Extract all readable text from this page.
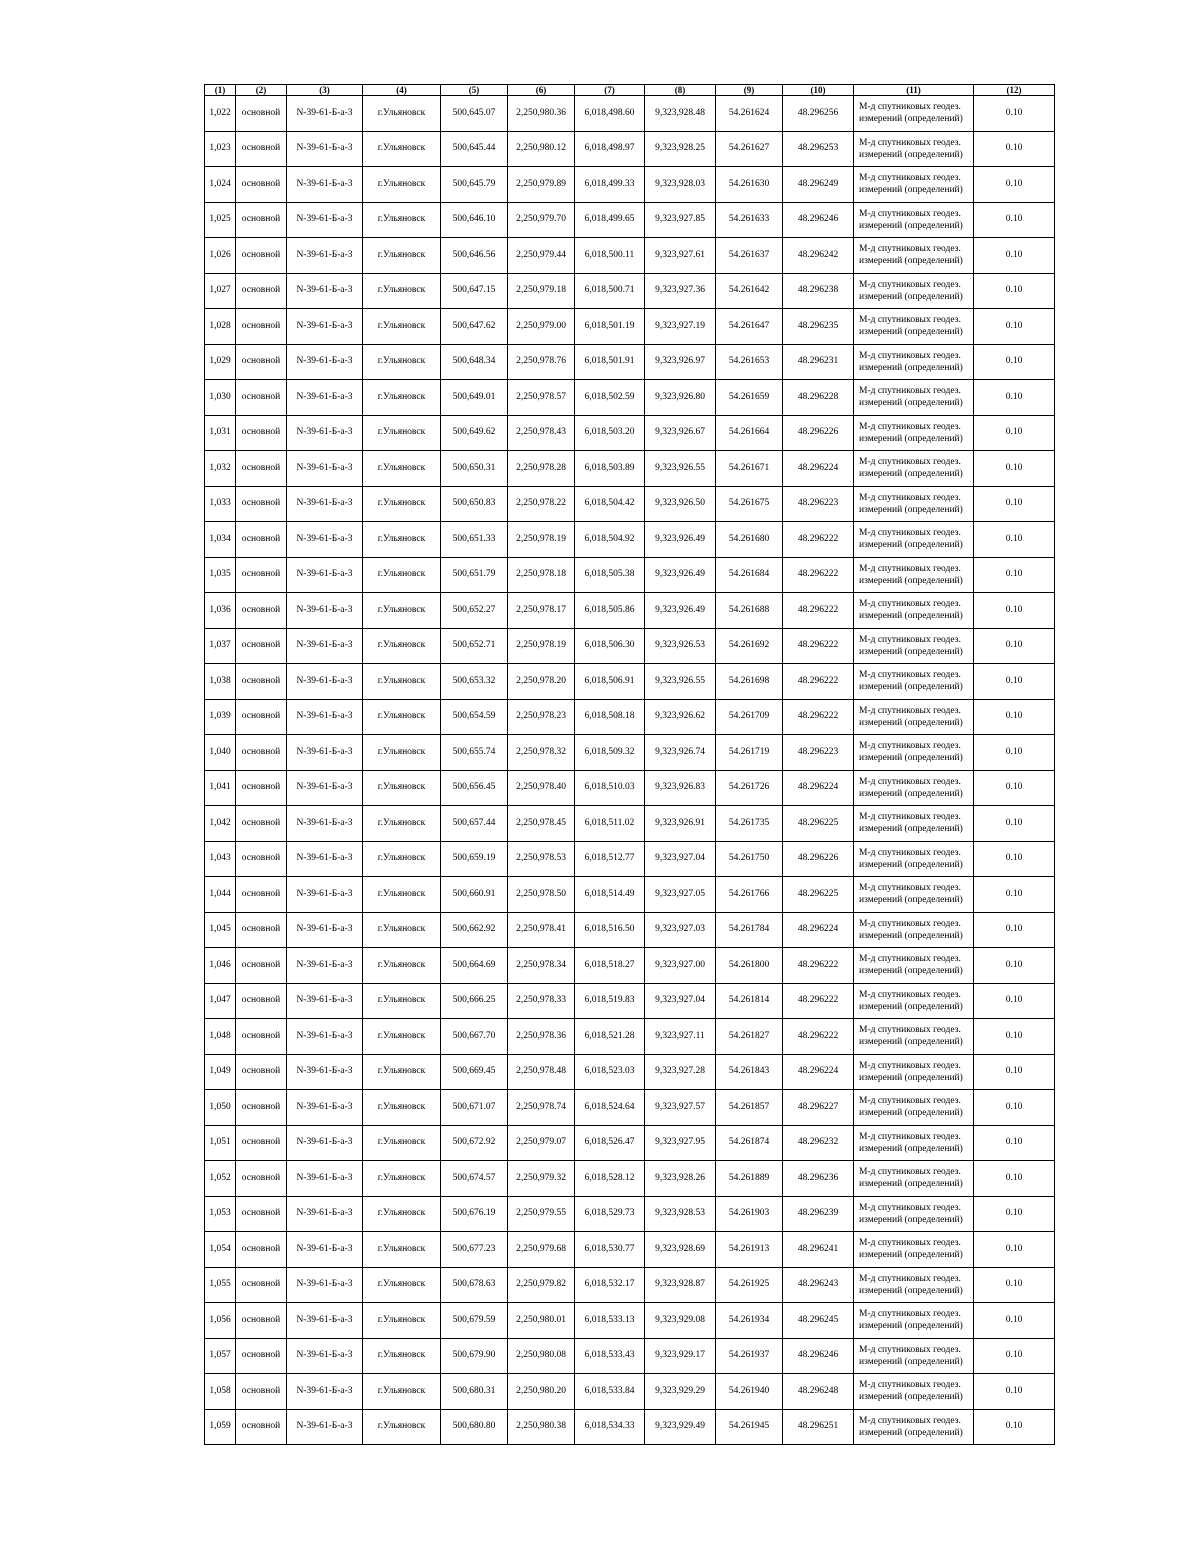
(1)	(2)	(3)	(4)	(5)	(6)	(7)	(8)	(9)	(10)	(11)	(12)
1,022	основной	N-39-61-Б-а-3	г.Ульяновск	500,645.07	2,250,980.36	6,018,498.60	9,323,928.48	54.261624	48.296256	М-д спутниковых геодез. измерений (определений)	0.10
1,023	основной	N-39-61-Б-а-3	г.Ульяновск	500,645.44	2,250,980.12	6,018,498.97	9,323,928.25	54.261627	48.296253	М-д спутниковых геодез. измерений (определений)	0.10
1,024	основной	N-39-61-Б-а-3	г.Ульяновск	500,645.79	2,250,979.89	6,018,499.33	9,323,928.03	54.261630	48.296249	М-д спутниковых геодез. измерений (определений)	0.10
1,025	основной	N-39-61-Б-а-3	г.Ульяновск	500,646.10	2,250,979.70	6,018,499.65	9,323,927.85	54.261633	48.296246	М-д спутниковых геодез. измерений (определений)	0.10
1,026	основной	N-39-61-Б-а-3	г.Ульяновск	500,646.56	2,250,979.44	6,018,500.11	9,323,927.61	54.261637	48.296242	М-д спутниковых геодез. измерений (определений)	0.10
1,027	основной	N-39-61-Б-а-3	г.Ульяновск	500,647.15	2,250,979.18	6,018,500.71	9,323,927.36	54.261642	48.296238	М-д спутниковых геодез. измерений (определений)	0.10
1,028	основной	N-39-61-Б-а-3	г.Ульяновск	500,647.62	2,250,979.00	6,018,501.19	9,323,927.19	54.261647	48.296235	М-д спутниковых геодез. измерений (определений)	0.10
1,029	основной	N-39-61-Б-а-3	г.Ульяновск	500,648.34	2,250,978.76	6,018,501.91	9,323,926.97	54.261653	48.296231	М-д спутниковых геодез. измерений (определений)	0.10
1,030	основной	N-39-61-Б-а-3	г.Ульяновск	500,649.01	2,250,978.57	6,018,502.59	9,323,926.80	54.261659	48.296228	М-д спутниковых геодез. измерений (определений)	0.10
1,031	основной	N-39-61-Б-а-3	г.Ульяновск	500,649.62	2,250,978.43	6,018,503.20	9,323,926.67	54.261664	48.296226	М-д спутниковых геодез. измерений (определений)	0.10
1,032	основной	N-39-61-Б-а-3	г.Ульяновск	500,650.31	2,250,978.28	6,018,503.89	9,323,926.55	54.261671	48.296224	М-д спутниковых геодез. измерений (определений)	0.10
1,033	основной	N-39-61-Б-а-3	г.Ульяновск	500,650.83	2,250,978.22	6,018,504.42	9,323,926.50	54.261675	48.296223	М-д спутниковых геодез. измерений (определений)	0.10
1,034	основной	N-39-61-Б-а-3	г.Ульяновск	500,651.33	2,250,978.19	6,018,504.92	9,323,926.49	54.261680	48.296222	М-д спутниковых геодез. измерений (определений)	0.10
1,035	основной	N-39-61-Б-а-3	г.Ульяновск	500,651.79	2,250,978.18	6,018,505.38	9,323,926.49	54.261684	48.296222	М-д спутниковых геодез. измерений (определений)	0.10
1,036	основной	N-39-61-Б-а-3	г.Ульяновск	500,652.27	2,250,978.17	6,018,505.86	9,323,926.49	54.261688	48.296222	М-д спутниковых геодез. измерений (определений)	0.10
1,037	основной	N-39-61-Б-а-3	г.Ульяновск	500,652.71	2,250,978.19	6,018,506.30	9,323,926.53	54.261692	48.296222	М-д спутниковых геодез. измерений (определений)	0.10
1,038	основной	N-39-61-Б-а-3	г.Ульяновск	500,653.32	2,250,978.20	6,018,506.91	9,323,926.55	54.261698	48.296222	М-д спутниковых геодез. измерений (определений)	0.10
1,039	основной	N-39-61-Б-а-3	г.Ульяновск	500,654.59	2,250,978.23	6,018,508.18	9,323,926.62	54.261709	48.296222	М-д спутниковых геодез. измерений (определений)	0.10
1,040	основной	N-39-61-Б-а-3	г.Ульяновск	500,655.74	2,250,978.32	6,018,509.32	9,323,926.74	54.261719	48.296223	М-д спутниковых геодез. измерений (определений)	0.10
1,041	основной	N-39-61-Б-а-3	г.Ульяновск	500,656.45	2,250,978.40	6,018,510.03	9,323,926.83	54.261726	48.296224	М-д спутниковых геодез. измерений (определений)	0.10
1,042	основной	N-39-61-Б-а-3	г.Ульяновск	500,657.44	2,250,978.45	6,018,511.02	9,323,926.91	54.261735	48.296225	М-д спутниковых геодез. измерений (определений)	0.10
1,043	основной	N-39-61-Б-а-3	г.Ульяновск	500,659.19	2,250,978.53	6,018,512.77	9,323,927.04	54.261750	48.296226	М-д спутниковых геодез. измерений (определений)	0.10
1,044	основной	N-39-61-Б-а-3	г.Ульяновск	500,660.91	2,250,978.50	6,018,514.49	9,323,927.05	54.261766	48.296225	М-д спутниковых геодез. измерений (определений)	0.10
1,045	основной	N-39-61-Б-а-3	г.Ульяновск	500,662.92	2,250,978.41	6,018,516.50	9,323,927.03	54.261784	48.296224	М-д спутниковых геодез. измерений (определений)	0.10
1,046	основной	N-39-61-Б-а-3	г.Ульяновск	500,664.69	2,250,978.34	6,018,518.27	9,323,927.00	54.261800	48.296222	М-д спутниковых геодез. измерений (определений)	0.10
1,047	основной	N-39-61-Б-а-3	г.Ульяновск	500,666.25	2,250,978.33	6,018,519.83	9,323,927.04	54.261814	48.296222	М-д спутниковых геодез. измерений (определений)	0.10
1,048	основной	N-39-61-Б-а-3	г.Ульяновск	500,667.70	2,250,978.36	6,018,521.28	9,323,927.11	54.261827	48.296222	М-д спутниковых геодез. измерений (определений)	0.10
1,049	основной	N-39-61-Б-а-3	г.Ульяновск	500,669.45	2,250,978.48	6,018,523.03	9,323,927.28	54.261843	48.296224	М-д спутниковых геодез. измерений (определений)	0.10
1,050	основной	N-39-61-Б-а-3	г.Ульяновск	500,671.07	2,250,978.74	6,018,524.64	9,323,927.57	54.261857	48.296227	М-д спутниковых геодез. измерений (определений)	0.10
1,051	основной	N-39-61-Б-а-3	г.Ульяновск	500,672.92	2,250,979.07	6,018,526.47	9,323,927.95	54.261874	48.296232	М-д спутниковых геодез. измерений (определений)	0.10
1,052	основной	N-39-61-Б-а-3	г.Ульяновск	500,674.57	2,250,979.32	6,018,528.12	9,323,928.26	54.261889	48.296236	М-д спутниковых геодез. измерений (определений)	0.10
1,053	основной	N-39-61-Б-а-3	г.Ульяновск	500,676.19	2,250,979.55	6,018,529.73	9,323,928.53	54.261903	48.296239	М-д спутниковых геодез. измерений (определений)	0.10
1,054	основной	N-39-61-Б-а-3	г.Ульяновск	500,677.23	2,250,979.68	6,018,530.77	9,323,928.69	54.261913	48.296241	М-д спутниковых геодез. измерений (определений)	0.10
1,055	основной	N-39-61-Б-а-3	г.Ульяновск	500,678.63	2,250,979.82	6,018,532.17	9,323,928.87	54.261925	48.296243	М-д спутниковых геодез. измерений (определений)	0.10
1,056	основной	N-39-61-Б-а-3	г.Ульяновск	500,679.59	2,250,980.01	6,018,533.13	9,323,929.08	54.261934	48.296245	М-д спутниковых геодез. измерений (определений)	0.10
1,057	основной	N-39-61-Б-а-3	г.Ульяновск	500,679.90	2,250,980.08	6,018,533.43	9,323,929.17	54.261937	48.296246	М-д спутниковых геодез. измерений (определений)	0.10
1,058	основной	N-39-61-Б-а-3	г.Ульяновск	500,680.31	2,250,980.20	6,018,533.84	9,323,929.29	54.261940	48.296248	М-д спутниковых геодез. измерений (определений)	0.10
1,059	основной	N-39-61-Б-а-3	г.Ульяновск	500,680.80	2,250,980.38	6,018,534.33	9,323,929.49	54.261945	48.296251	М-д спутниковых геодез. измерений (определений)	0.10
